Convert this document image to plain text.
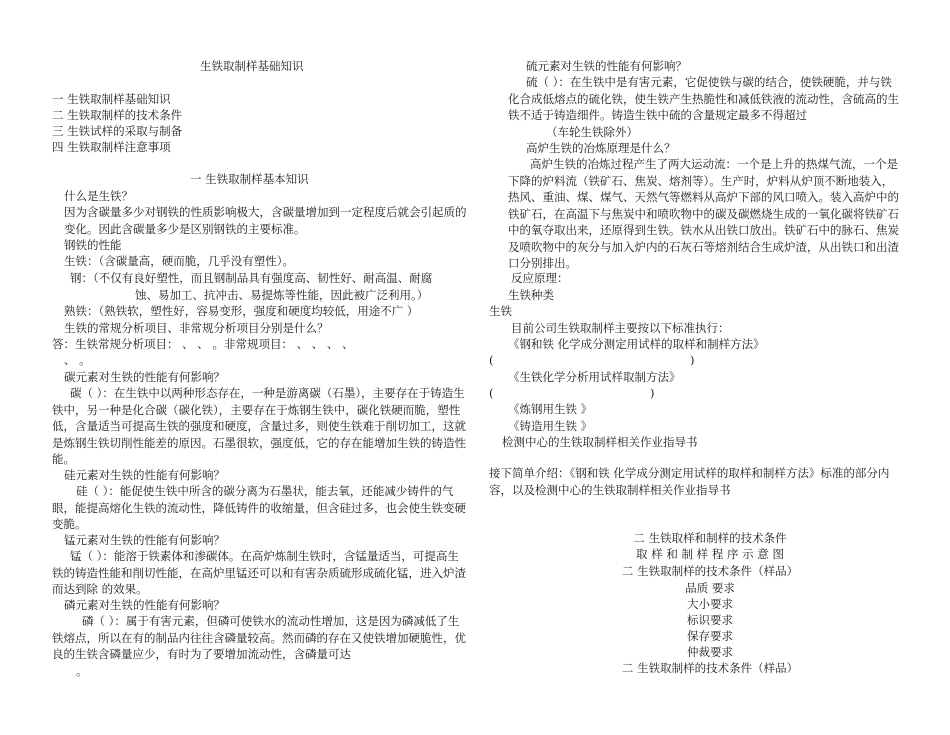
生铁取制样基础知识
一 生铁取制样基础知识
二 生铁取制样的技术条件
三 生铁试样的采取与制备
四 生铁取制样注意事项
一 生铁取制样基本知识
什么是生铁？
因为含碳量多少对钢铁的性质影响极大，含碳量增加到一定程度后就会引起质的变化。因此含碳量多少是区别钢铁的主要标准。
钢铁的性能
生铁：（含碳量高，硬而脆，几乎没有塑性）。
钢：（不仅有良好塑性，而且钢制品具有强度高、韧性好、耐高温、耐腐
蚀、易加工、抗冲击、易提炼等性能，因此被广泛利用。）
熟铁：（熟铁软，塑性好，容易变形，强度和硬度均较低，用途不广 ）
生铁的常规分析项目、非常规分析项目分别是什么？
答：生铁常规分析项目： 、 、 。非常规项目： 、 、 、 、
、 。
碳元素对生铁的性能有何影响？
碳（ ）：在生铁中以两种形态存在，一种是游离碳（石墨），主要存在于铸造生铁中，另一种是化合碳（碳化铁），主要存在于炼钢生铁中，碳化铁硬而脆，塑性低，含量适当可提高生铁的强度和硬度，含量过多，则使生铁难于削切加工，这就是炼钢生铁切削性能差的原因。石墨很软，强度低，它的存在能增加生铁的铸造性能。
硅元素对生铁的性能有何影响？
硅（ ）：能促使生铁中所含的碳分离为石墨状，能去氧，还能减少铸件的气眼，能提高熔化生铁的流动性，降低铸件的收缩量，但含硅过多，也会使生铁变硬变脆。
锰元素对生铁的性能有何影响？
锰（ ）：能溶于铁素体和渗碳体。在高炉炼制生铁时，含锰量适当，可提高生铁的铸造性能和削切性能，在高炉里锰还可以和有害杂质硫形成硫化锰，进入炉渣而达到除 的效果。
磷元素对生铁的性能有何影响？
磷（ ）：属于有害元素，但磷可使铁水的流动性增加，这是因为磷减低了生铁熔点，所以在有的制品内往往含磷量较高。然而磷的存在又使铁增加硬脆性，优良的生铁含磷量应少，有时为了要增加流动性，含磷量可达
。
硫元素对生铁的性能有何影响？
硫（ ）：在生铁中是有害元素，它促使铁与碳的结合，使铁硬脆，并与铁化合成低熔点的硫化铁，使生铁产生热脆性和减低铁液的流动性，含硫高的生铁不适于铸造细件。铸造生铁中硫的含量规定最多不得超过
（车轮生铁除外）
高炉生铁的冶炼原理是什么？
高炉生铁的冶炼过程产生了两大运动流：一个是上升的热煤气流，一个是下降的炉料流（铁矿石、焦炭、熔剂等）。生产时，炉料从炉顶不断地装入，热风、重油、煤、煤气、天然气等燃料从高炉下部的风口喷入。装入高炉中的铁矿石，在高温下与焦炭中和喷吹物中的碳及碳燃烧生成的一氧化碳将铁矿石中的氧夺取出来，还原得到生铁。铁水从出铁口放出。铁矿石中的脉石、焦炭及喷吹物中的灰分与加入炉内的石灰石等熔剂结合生成炉渣，从出铁口和出渣口分别排出。
反应原理：
生铁种类
生铁
目前公司生铁取制样主要按以下标准执行：
《钢和铁 化学成分测定用试样的取样和制样方法》
(	)
《生铁化学分析用试样取制方法》
(	)
《炼钢用生铁 》
《铸造用生铁 》
检测中心的生铁取制样相关作业指导书
接下简单介绍：《钢和铁 化学成分测定用试样的取样和制样方法》标准的部分内容，以及检测中心的生铁取制样相关作业指导书
二 生铁取样和制样的技术条件
取 样 和 制 样 程 序 示 意 图
二 生铁取制样的技术条件（样品）
品质 要求
大小要求
标识要求
保存要求
仲裁要求
二 生铁取制样的技术条件（样品）
